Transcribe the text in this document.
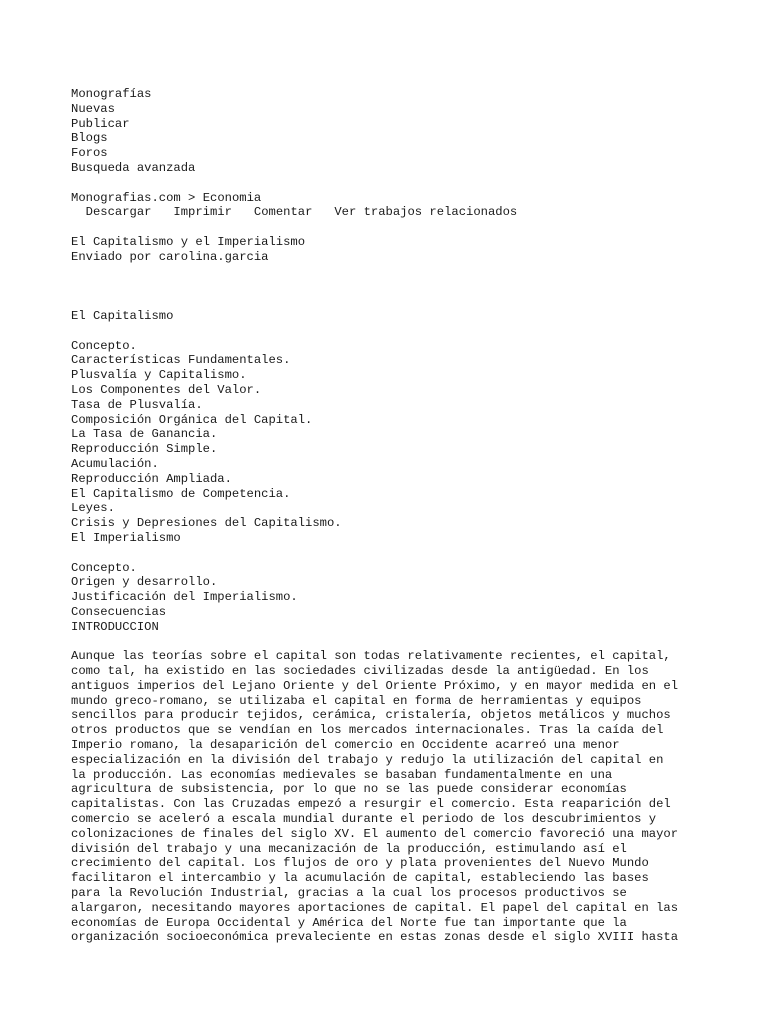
Monografías
Nuevas
Publicar
Blogs
Foros
Busqueda avanzada
Monografias.com > Economia
Descargar Imprimir Comentar Ver trabajos relacionados
El Capitalismo y el Imperialismo
Enviado por carolina.garcia
El Capitalismo
Concepto.
Características Fundamentales.
Plusvalía y Capitalismo.
Los Componentes del Valor.
Tasa de Plusvalía.
Composición Orgánica del Capital.
La Tasa de Ganancia.
Reproducción Simple.
Acumulación.
Reproducción Ampliada.
El Capitalismo de Competencia.
Leyes.
Crisis y Depresiones del Capitalismo.
El Imperialismo
Concepto.
Origen y desarrollo.
Justificación del Imperialismo.
Consecuencias
INTRODUCCION
Aunque las teorías sobre el capital son todas relativamente recientes, el capital,
como tal, ha existido en las sociedades civilizadas desde la antigüedad. En los
antiguos imperios del Lejano Oriente y del Oriente Próximo, y en mayor medida en el
mundo greco-romano, se utilizaba el capital en forma de herramientas y equipos
sencillos para producir tejidos, cerámica, cristalería, objetos metálicos y muchos
otros productos que se vendían en los mercados internacionales. Tras la caída del
Imperio romano, la desaparición del comercio en Occidente acarreó una menor
especialización en la división del trabajo y redujo la utilización del capital en
la producción. Las economías medievales se basaban fundamentalmente en una
agricultura de subsistencia, por lo que no se las puede considerar economías
capitalistas. Con las Cruzadas empezó a resurgir el comercio. Esta reaparición del
comercio se aceleró a escala mundial durante el periodo de los descubrimientos y
colonizaciones de finales del siglo XV. El aumento del comercio favoreció una mayor
división del trabajo y una mecanización de la producción, estimulando así el
crecimiento del capital. Los flujos de oro y plata provenientes del Nuevo Mundo
facilitaron el intercambio y la acumulación de capital, estableciendo las bases
para la Revolución Industrial, gracias a la cual los procesos productivos se
alargaron, necesitando mayores aportaciones de capital. El papel del capital en las
economías de Europa Occidental y América del Norte fue tan importante que la
organización socioeconómica prevaleciente en estas zonas desde el siglo XVIII hasta
